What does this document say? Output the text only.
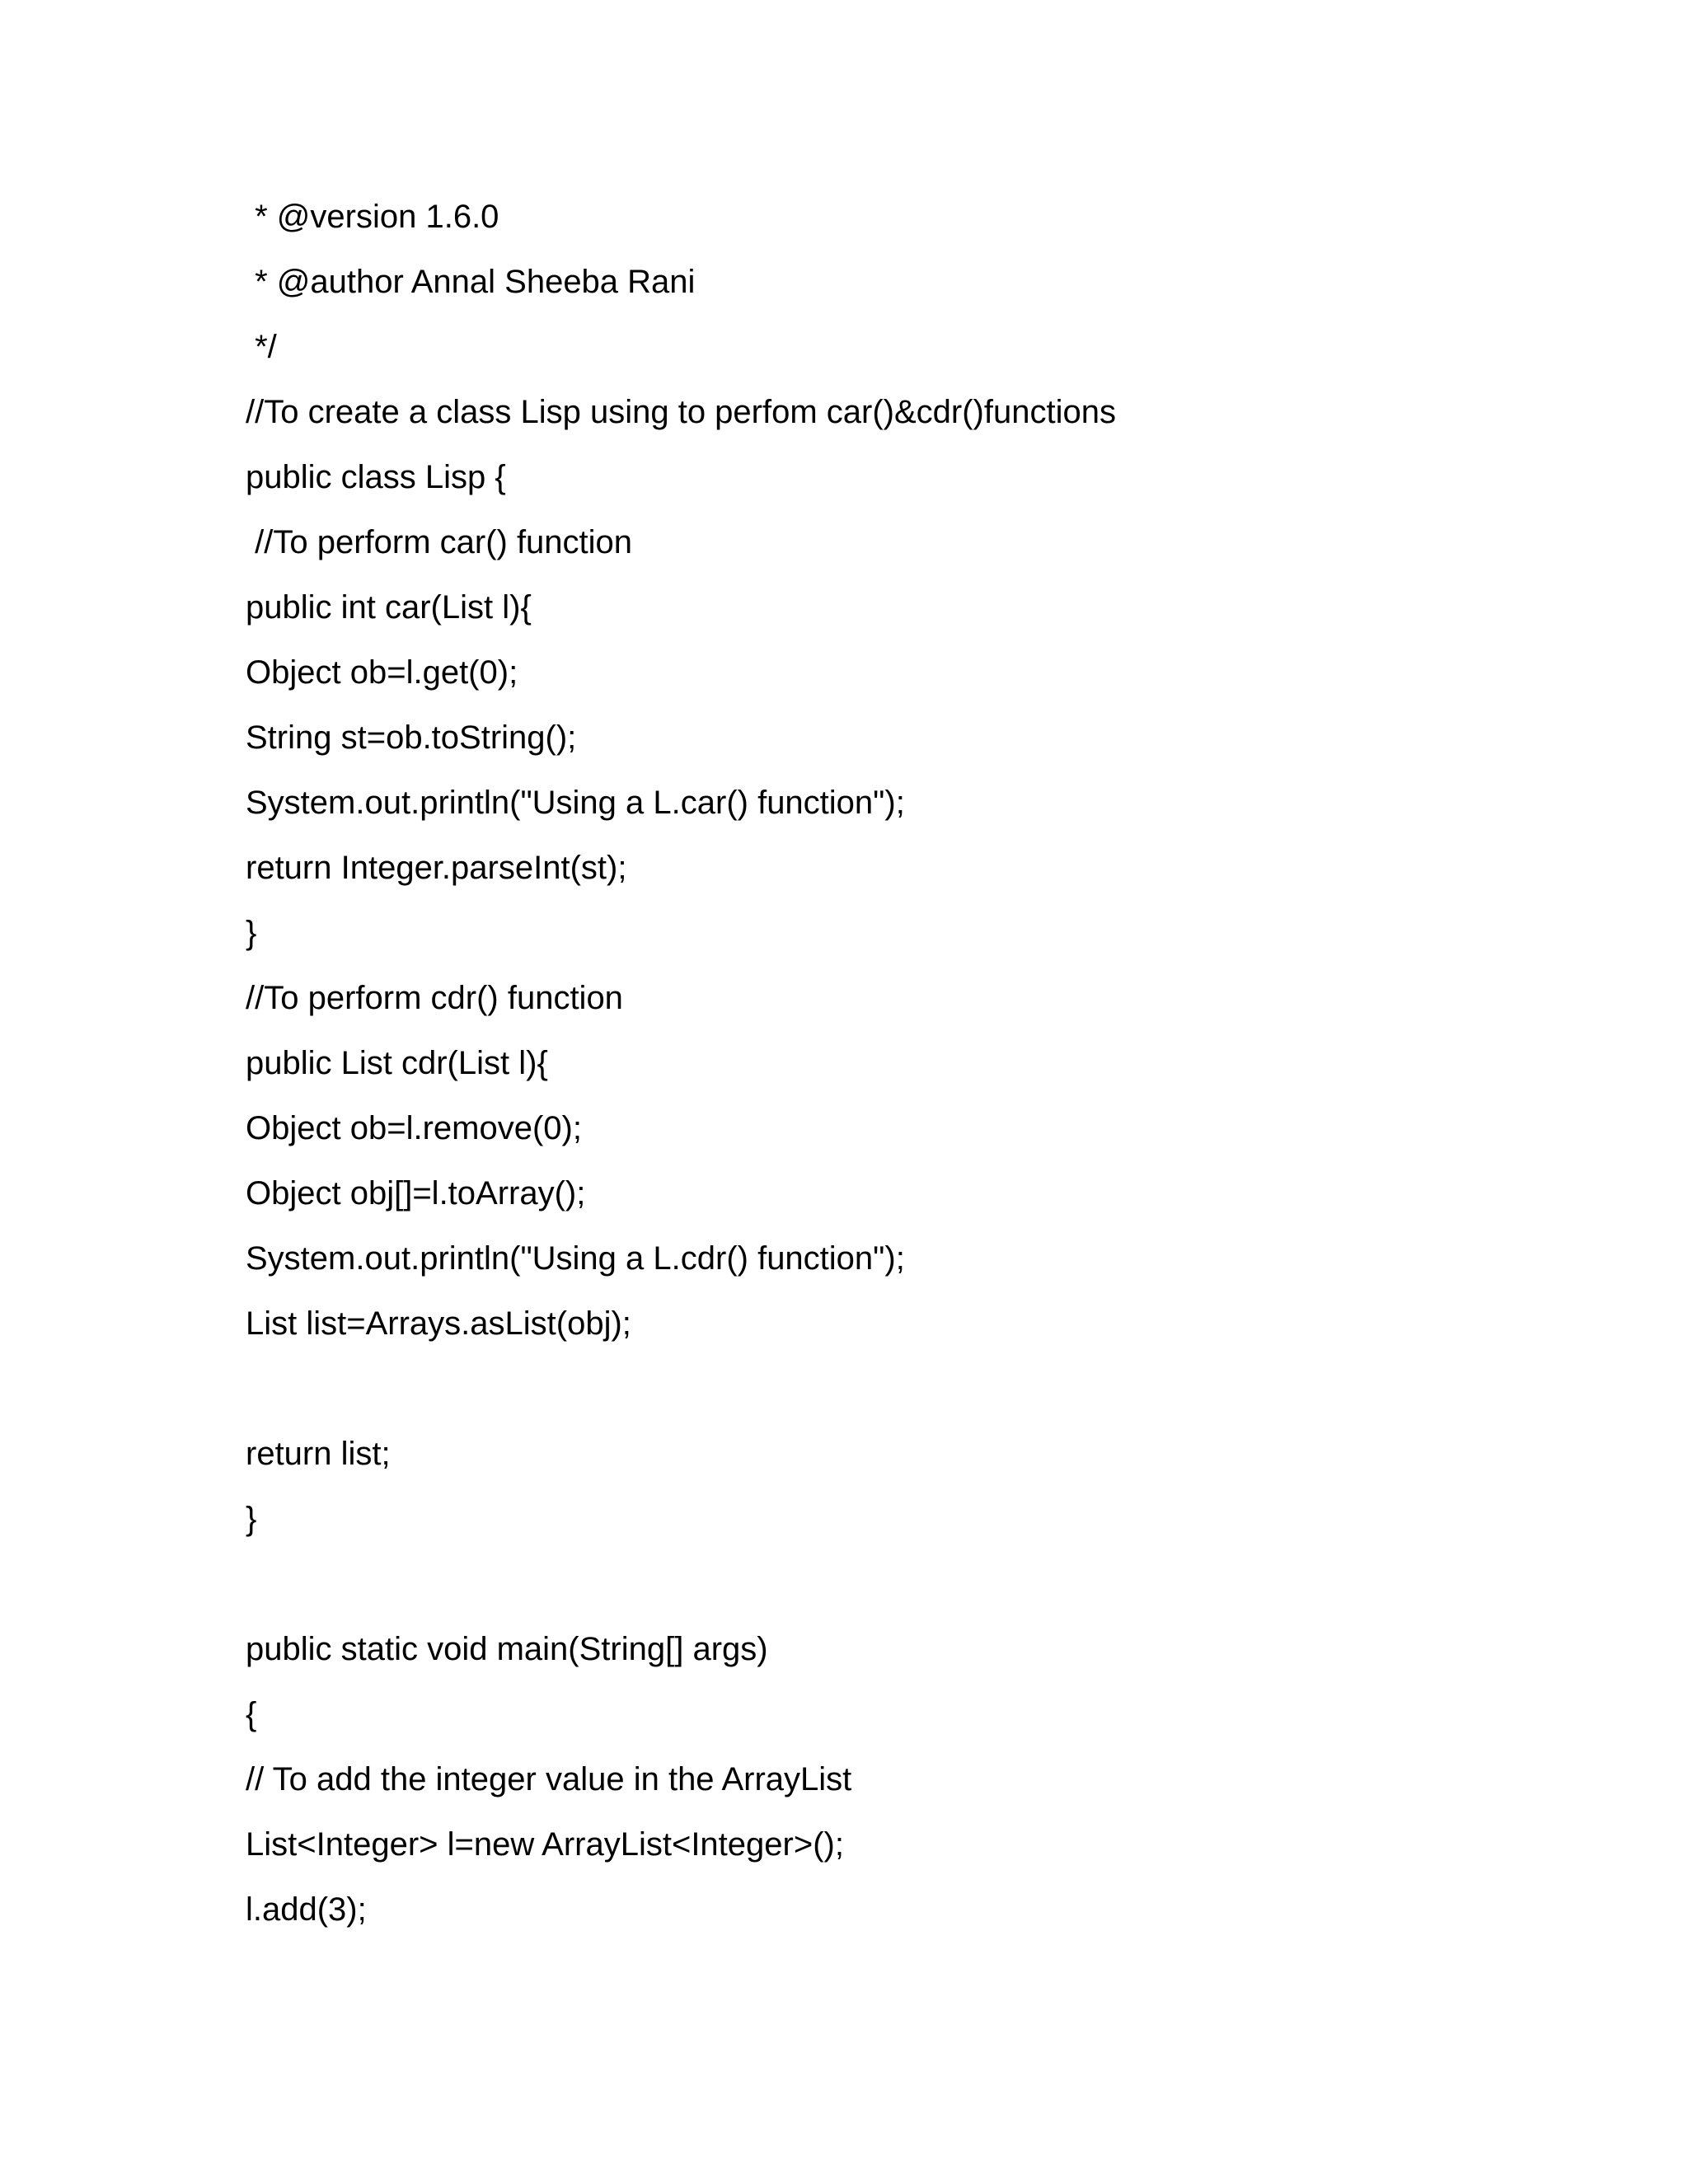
* @version 1.6.0
* @author Annal Sheeba Rani
*/
//To create a class Lisp using to perfom car()&cdr()functions
public class Lisp {
//To perform car() function
public int car(List l){
Object ob=l.get(0);
String st=ob.toString();
System.out.println("Using a L.car() function");
return Integer.parseInt(st);
}
//To perform cdr() function
public List cdr(List l){
Object ob=l.remove(0);
Object obj[]=l.toArray();
System.out.println("Using a L.cdr() function");
List list=Arrays.asList(obj);
return list;
}
public static void main(String[] args)
{
// To add the integer value in the ArrayList
List<Integer> l=new ArrayList<Integer>();
l.add(3);
